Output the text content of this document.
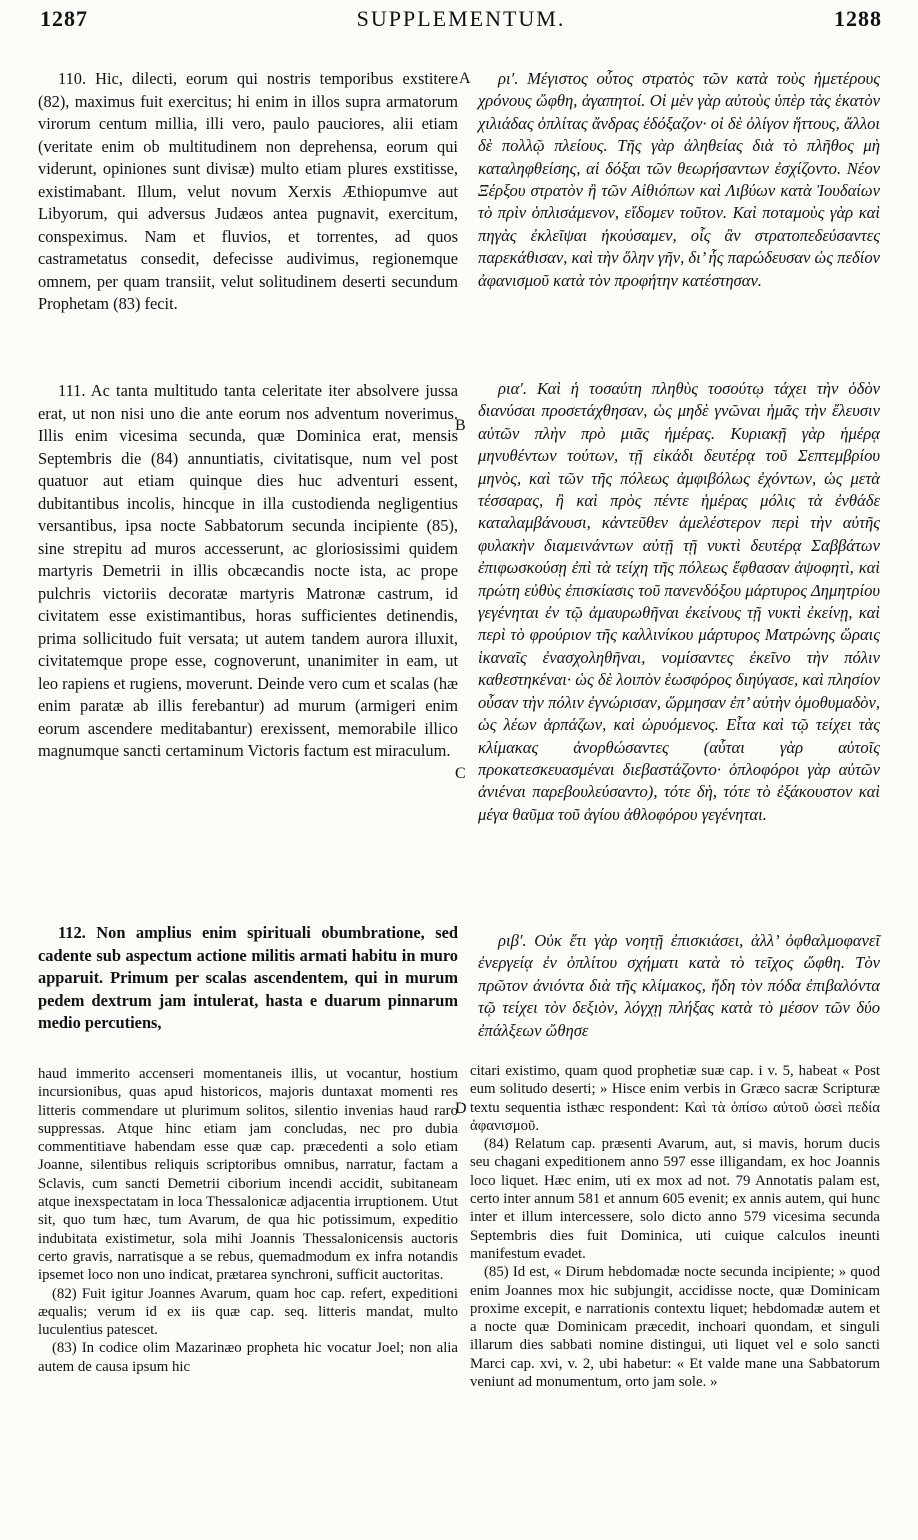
1287	SUPPLEMENTUM.	1288
A
B
C
D

110. Hic, dilecti, eorum qui nostris temporibus exstitere (82), maximus fuit exercitus; hi enim in illos supra armatorum virorum centum millia, illi vero, paulo pauciores, alii etiam (veritate enim ob multitudinem non deprehensa, eorum qui viderunt, opiniones sunt divisæ) multo etiam plures exstitisse, existimabant. Illum, velut novum Xerxis Æthiopumve aut Libyorum, qui adversus Judæos antea pugnavit, exercitum, conspeximus. Nam et fluvios, et torrentes, ad quos castrametatus consedit, defecisse audivimus, regionemque omnem, per quam transiit, velut solitudinem deserti secundum Prophetam (83) fecit.

111. Ac tanta multitudo tanta celeritate iter absolvere jussa erat, ut non nisi uno die ante eorum nos adventum noverimus. Illis enim vicesima secunda, quæ Dominica erat, mensis Septembris die (84) annuntiatis, civitatisque, num vel post quatuor aut etiam quinque dies huc adventuri essent, dubitantibus incolis, hincque in illa custodienda negligentius versantibus, ipsa nocte Sabbatorum secunda incipiente (85), sine strepitu ad muros accesserunt, ac gloriosissimi quidem martyris Demetrii in illis obcæcandis nocte ista, ac prope pulchris victoriis decoratæ martyris Matronæ castrum, id civitatem esse existimantibus, horas sufficientes detinendis, prima sollicitudo fuit versata; ut autem tandem aurora illuxit, civitatemque prope esse, cognoverunt, unanimiter in eam, ut leo rapiens et rugiens, moverunt. Deinde vero cum et scalas (hæ enim paratæ ab illis ferebantur) ad murum (armigeri enim eorum ascendere meditabantur) erexissent, memorabile illico magnumque sancti certaminum Victoris factum est miraculum.

112. Non amplius enim spirituali obumbratione, sed cadente sub aspectum actione militis armati habitu in muro apparuit. Primum per scalas ascendentem, qui in murum pedem dextrum jam intulerat, hasta e duarum pinnarum medio percutiens,

ρι′. Μέγιστος οὗτος στρατὸς τῶν κατὰ τοὺς ἡμετέρους χρόνους ὤφθη, ἀγαπητοί. Οἱ μὲν γὰρ αὐτοὺς ὑπὲρ τὰς ἑκατὸν χιλιάδας ὁπλίτας ἄνδρας ἐδόξαζον· οἱ δὲ ὀλίγον ἥττους, ἄλλοι δὲ πολλῷ πλείους. Τῆς γὰρ ἀληθείας διὰ τὸ πλῆθος μὴ καταληφθείσης, αἱ δόξαι τῶν θεωρήσαντων ἐσχίζοντο. Νέον Ξέρξου στρατὸν ἢ τῶν Αἰθιόπων καὶ Λιβύων κατὰ Ἰουδαίων τὸ πρὶν ὁπλισάμενον, εἴδομεν τοῦτον. Καὶ ποταμοὺς γὰρ καὶ πηγὰς ἐκλεῖψαι ἠκούσαμεν, οἷς ἂν στρατοπεδεύσαντες παρεκάθισαν, καὶ τὴν ὅλην γῆν, δι’ ἧς παρώδευσαν ὡς πεδίον ἀφανισμοῦ κατὰ τὸν προφήτην κατέστησαν.

ρια′. Καὶ ἡ τοσαύτη πληθὺς τοσούτῳ τάχει τὴν ὁδὸν διανύσαι προσετάχθησαν, ὡς μηδὲ γνῶναι ἡμᾶς τὴν ἔλευσιν αὐτῶν πλὴν πρὸ μιᾶς ἡμέρας. Κυριακῇ γὰρ ἡμέρᾳ μηνυθέντων τούτων, τῇ εἰκάδι δευτέρᾳ τοῦ Σεπτεμβρίου μηνὸς, καὶ τῶν τῆς πόλεως ἀμφιβόλως ἐχόντων, ὡς μετὰ τέσσαρας, ἢ καὶ πρὸς πέντε ἡμέρας μόλις τὰ ἐνθάδε καταλαμβάνουσι, κἀντεῦθεν ἀμελέστερον περὶ τὴν αὐτῆς φυλακὴν διαμεινάντων αὐτῇ τῇ νυκτὶ δευτέρᾳ Σαββάτων ἐπιφωσκούσῃ ἐπὶ τὰ τείχη τῆς πόλεως ἔφθασαν ἀψοφητὶ, καὶ πρώτη εὐθὺς ἐπισκίασις τοῦ πανενδόξου μάρτυρος Δημητρίου γεγένηται ἐν τῷ ἀμαυρωθῆναι ἐκείνους τῇ νυκτὶ ἐκείνῃ, καὶ περὶ τὸ φρούριον τῆς καλλινίκου μάρτυρος Ματρώνης ὥραις ἱκαναῖς ἐνασχοληθῆναι, νομίσαντες ἐκεῖνο τὴν πόλιν καθεστηκέναι· ὡς δὲ λοιπὸν ἑωσφόρος διηύγασε, καὶ πλησίον οὖσαν τὴν πόλιν ἐγνώρισαν, ὥρμησαν ἐπ’ αὐτὴν ὁμοθυμαδὸν, ὡς λέων ἁρπάζων, καὶ ὠρυόμενος. Εἶτα καὶ τῷ τείχει τὰς κλίμακας ἀνορθώσαντες (αὗται γὰρ αὐτοῖς προκατεσκευασμέναι διεβαστάζοντο· ὁπλοφόροι γὰρ αὐτῶν ἀνιέναι παρεβουλεύσαντο), τότε δὴ, τότε τὸ ἐξάκουστον καὶ μέγα θαῦμα τοῦ ἁγίου ἀθλοφόρου γεγένηται.

ριβ′. Οὐκ ἔτι γὰρ νοητῇ ἐπισκιάσει, ἀλλ’ ὀφθαλμοφανεῖ ἐνεργείᾳ ἐν ὁπλίτου σχήματι κατὰ τὸ τεῖχος ὤφθη. Τὸν πρῶτον ἀνιόντα διὰ τῆς κλίμακος, ἤδη τὸν πόδα ἐπιβαλόντα τῷ τείχει τὸν δεξιὸν, λόγχῃ πλήξας κατὰ τὸ μέσον τῶν δύο ἐπάλξεων ὤθησε

haud immerito accenseri momentaneis illis, ut vocantur, hostium incursionibus, quas apud historicos, majoris duntaxat momenti res litteris commendare ut plurimum solitos, silentio invenias haud raro suppressas. Atque hinc etiam jam concludas, nec pro dubia commentitiave habendam esse quæ cap. præcedenti a solo etiam Joanne, silentibus reliquis scriptoribus omnibus, narratur, factam a Sclavis, cum sancti Demetrii ciborium incendi accidit, subitaneam atque inexspectatam in loca Thessalonicæ adjacentia irruptionem. Utut sit, quo tum hæc, tum Avarum, de qua hic potissimum, expeditio indubitata existimetur, sola mihi Joannis Thessalonicensis auctoris certo gravis, narratisque a se rebus, quemadmodum ex infra notandis ipsemet loco non uno indicat, prætarea synchroni, sufficit auctoritas.

(82) Fuit igitur Joannes Avarum, quam hoc cap. refert, expeditioni æqualis; verum id ex iis quæ cap. seq. litteris mandat, multo luculentius patescet.

(83) In codice olim Mazarinæo propheta hic vocatur Joel; non alia autem de causa ipsum hic

citari existimo, quam quod prophetiæ suæ cap. i v. 5, habeat « Post eum solitudo deserti; » Hisce enim verbis in Græco sacræ Scripturæ textu sequentia isthæc respondent: Καὶ τὰ ὀπίσω αὐτοῦ ὡσεὶ πεδία ἀφανισμοῦ.

(84) Relatum cap. præsenti Avarum, aut, si mavis, horum ducis seu chagani expeditionem anno 597 esse illigandam, ex hoc Joannis loco liquet. Hæc enim, uti ex mox ad not. 79 Annotatis palam est, certo inter annum 581 et annum 605 evenit; ex annis autem, qui hunc inter et illum intercessere, solo dicto anno 579 vicesima secunda Septembris dies fuit Dominica, uti cuique calculos ineunti manifestum evadet.

(85) Id est, « Dirum hebdomadæ nocte secunda incipiente; » quod enim Joannes mox hic subjungit, accidisse nocte, quæ Dominicam proxime excepit, e narrationis contextu liquet; hebdomadæ autem et a nocte quæ Dominicam præcedit, inchoari quondam, et singuli illarum dies sabbati nomine distingui, uti liquet vel e solo sancti Marci cap. xvi, v. 2, ubi habetur: « Et valde mane una Sabbatorum veniunt ad monumentum, orto jam sole. »
